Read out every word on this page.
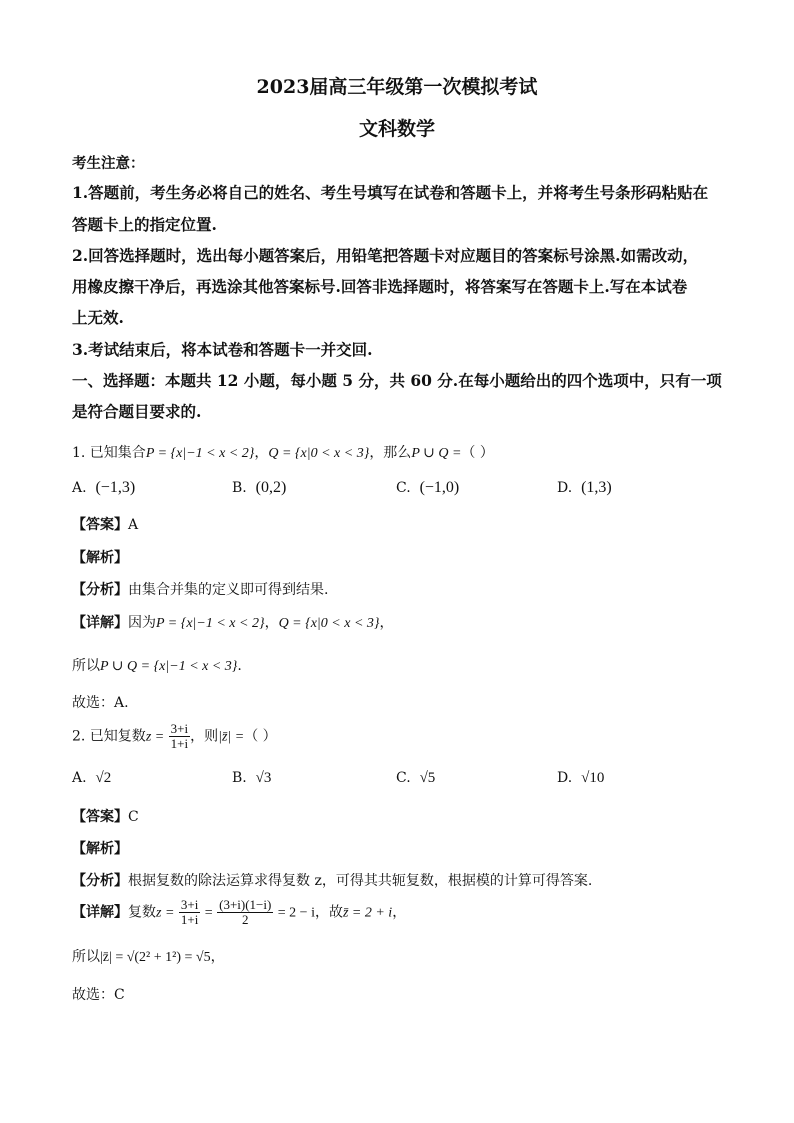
2023届高三年级第一次模拟考试
文科数学
考生注意：
1.答题前，考生务必将自己的姓名、考生号填写在试卷和答题卡上，并将考生号条形码粘贴在
答题卡上的指定位置.
2.回答选择题时，选出每小题答案后，用铅笔把答题卡对应题目的答案标号涂黑.如需改动，
用橡皮擦干净后，再选涂其他答案标号.回答非选择题时，将答案写在答题卡上.写在本试卷
上无效.
3.考试结束后，将本试卷和答题卡一并交回.
一、选择题：本题共 12 小题，每小题 5 分，共 60 分.在每小题给出的四个选项中，只有一项
是符合题目要求的.
1. 已知集合P = {x|−1 < x < 2}，Q = {x|0 < x < 3}，那么P ∪ Q =（ ）
A. (−1,3)	B. (0,2)	C. (−1,0)	D. (1,3)
【答案】A
【解析】
【分析】由集合并集的定义即可得到结果.
【详解】因为P = {x|−1 < x < 2}，Q = {x|0 < x < 3}，
所以P ∪ Q = {x|−1 < x < 3}.
故选：A.
2. 已知复数$z = \frac{3+i}{1+i}$ ，则|z̄| =（ ）
A. √2	B. √3	C. √5	D. √10
【答案】C
【解析】
【分析】根据复数的除法运算求得复数 z，可得其共轭复数，根据模的计算可得答案.
【详解】复数$z = \frac{3+i}{1+i} = \frac{(3+i)(1-i)}{2} = 2 - i$，故z̄ = 2 + i，
所以|z̄| = √(2² + 1²) = √5，
故选：C
